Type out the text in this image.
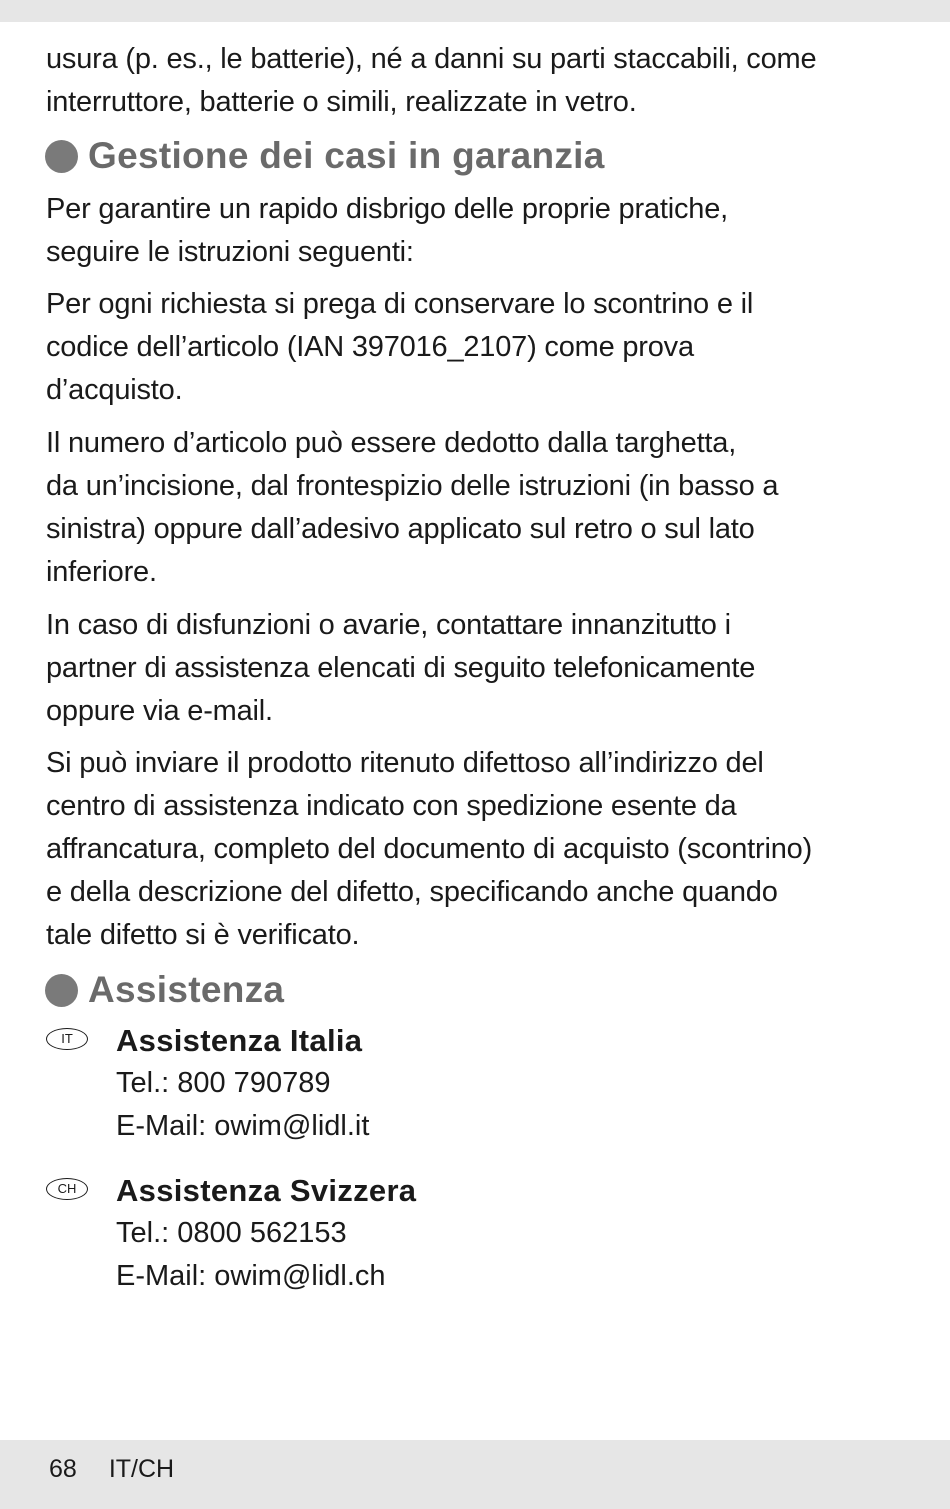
usura (p. es., le batterie), né a danni su parti staccabili, come

interruttore, batterie o simili, realizzate in vetro.

Gestione dei casi in garanzia

Per garantire un rapido disbrigo delle proprie pratiche,

seguire le istruzioni seguenti:

Per ogni richiesta si prega di conservare lo scontrino e il

codice dell’articolo (IAN 397016_2107) come prova

d’acquisto.

Il numero d’articolo può essere dedotto dalla targhetta,

da un’incisione, dal frontespizio delle istruzioni (in basso a

sinistra) oppure dall’adesivo applicato sul retro o sul lato

inferiore.

In caso di disfunzioni o avarie, contattare innanzitutto i

partner di assistenza elencati di seguito telefonicamente

oppure via e-mail.

Si può inviare il prodotto ritenuto difettoso all’indirizzo del

centro di assistenza indicato con spedizione esente da

affrancatura, completo del documento di acquisto (scontrino)

e della descrizione del difetto, specificando anche quando

tale difetto si è verificato.

Assistenza
IT	Assistenza Italia
Tel.: 800 790789
E-Mail: owim@lidl.it
CH	Assistenza Svizzera
Tel.: 0800 562153
E-Mail: owim@lidl.ch
68 IT/CH
